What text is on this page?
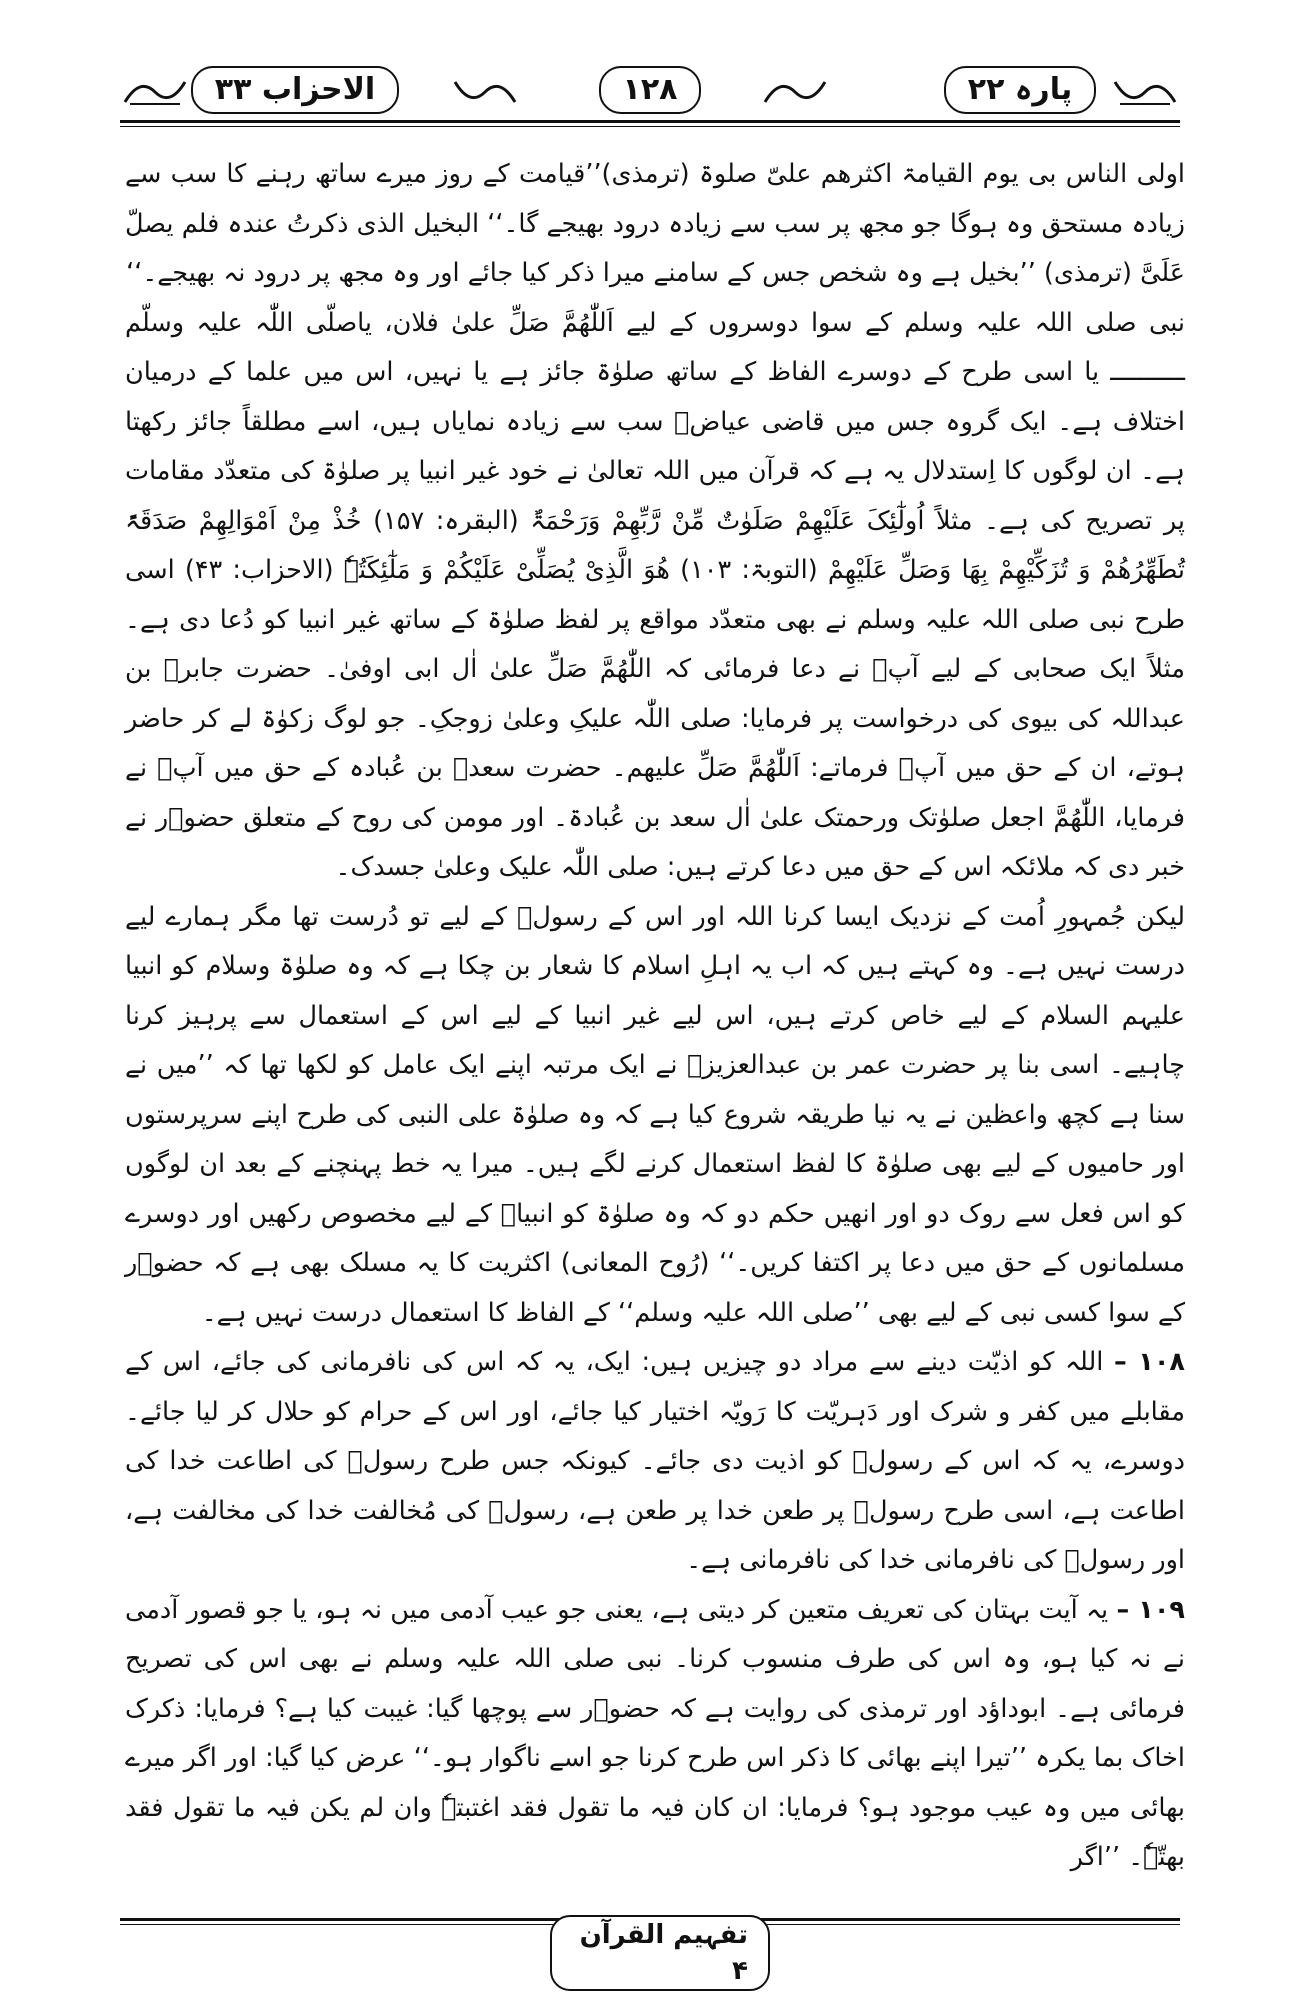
پارہ ۲۲
۱۲۸
الاحزاب ۳۳

اولی الناس بی یوم القیامۃ اکثرھم علیّ صلوۃ (ترمذی)’’قیامت کے روز میرے ساتھ رہنے کا سب سے زیادہ مستحق وہ ہوگا جو مجھ پر سب سے زیادہ درود بھیجے گا۔‘‘ البخیل الذی ذکرتُ عندہ فلم یصلّ عَلَیَّ (ترمذی) ’’بخیل ہے وہ شخص جس کے سامنے میرا ذکر کیا جائے اور وہ مجھ پر درود نہ بھیجے۔‘‘

نبی صلی اللہ علیہ وسلم کے سوا دوسروں کے لیے اَللّٰھُمَّ صَلِّ علیٰ فلان، یاصلّی اللّٰہ علیہ وسلّم ــــــــــ یا اسی طرح کے دوسرے الفاظ کے ساتھ صلوٰۃ جائز ہے یا نہیں، اس میں علما کے درمیان اختلاف ہے۔ ایک گروہ جس میں قاضی عیاضؒ سب سے زیادہ نمایاں ہیں، اسے مطلقاً جائز رکھتا ہے۔ ان لوگوں کا اِستدلال یہ ہے کہ قرآن میں اللہ تعالیٰ نے خود غیر انبیا پر صلوٰۃ کی متعدّد مقامات پر تصریح کی ہے۔ مثلاً اُولٰٓئِکَ عَلَیْھِمْ صَلَوٰتٌ مِّنْ رَّبِّھِمْ وَرَحْمَۃٌ (البقرہ: ۱۵۷) خُذْ مِنْ اَمْوَالِھِمْ صَدَقَۃً تُطَھِّرُھُمْ وَ تُزَکِّیْھِمْ بِھَا وَصَلِّ عَلَیْھِمْ (التوبۃ: ۱۰۳) ھُوَ الَّذِیْ یُصَلِّیْ عَلَیْکُمْ وَ مَلٰٓئِکَتُہٗ (الاحزاب: ۴۳) اسی طرح نبی صلی اللہ علیہ وسلم نے بھی متعدّد مواقع پر لفظ صلوٰۃ کے ساتھ غیر انبیا کو دُعا دی ہے۔ مثلاً ایک صحابی کے لیے آپؐ نے دعا فرمائی کہ اللّٰھُمَّ صَلِّ علیٰ اٰل ابی اوفیٰ۔ حضرت جابرؓ بن عبداللہ کی بیوی کی درخواست پر فرمایا: صلی اللّٰہ علیکِ وعلیٰ زوجکِ۔ جو لوگ زکوٰۃ لے کر حاضر ہوتے، ان کے حق میں آپؐ فرماتے: اَللّٰھُمَّ صَلِّ علیھم۔ حضرت سعدؓ بن عُبادہ کے حق میں آپؐ نے فرمایا، اللّٰھُمَّ اجعل صلوٰتک ورحمتک علیٰ اٰل سعد بن عُبادۃ۔ اور مومن کی روح کے متعلق حضوؐر نے خبر دی کہ ملائکہ اس کے حق میں دعا کرتے ہیں: صلی اللّٰہ علیک وعلیٰ جسدک۔

لیکن جُمہورِ اُمت کے نزدیک ایسا کرنا اللہ اور اس کے رسولؐ کے لیے تو دُرست تھا مگر ہمارے لیے درست نہیں ہے۔ وہ کہتے ہیں کہ اب یہ اہلِ اسلام کا شعار بن چکا ہے کہ وہ صلوٰۃ وسلام کو انبیا علیہم السلام کے لیے خاص کرتے ہیں، اس لیے غیر انبیا کے لیے اس کے استعمال سے پرہیز کرنا چاہیے۔ اسی بنا پر حضرت عمر بن عبدالعزیزؒ نے ایک مرتبہ اپنے ایک عامل کو لکھا تھا کہ ’’میں نے سنا ہے کچھ واعظین نے یہ نیا طریقہ شروع کیا ہے کہ وہ صلوٰۃ علی النبی کی طرح اپنے سرپرستوں اور حامیوں کے لیے بھی صلوٰۃ کا لفظ استعمال کرنے لگے ہیں۔ میرا یہ خط پہنچنے کے بعد ان لوگوں کو اس فعل سے روک دو اور انھیں حکم دو کہ وہ صلوٰۃ کو انبیاؑ کے لیے مخصوص رکھیں اور دوسرے مسلمانوں کے حق میں دعا پر اکتفا کریں۔‘‘ (رُوح المعانی) اکثریت کا یہ مسلک بھی ہے کہ حضوؐر کے سوا کسی نبی کے لیے بھی ’’صلی اللہ علیہ وسلم‘‘ کے الفاظ کا استعمال درست نہیں ہے۔

۱۰۸ – اللہ کو اذیّت دینے سے مراد دو چیزیں ہیں: ایک، یہ کہ اس کی نافرمانی کی جائے، اس کے مقابلے میں کفر و شرک اور دَہریّت کا رَویّہ اختیار کیا جائے، اور اس کے حرام کو حلال کر لیا جائے۔ دوسرے، یہ کہ اس کے رسولؐ کو اذیت دی جائے۔ کیونکہ جس طرح رسولؐ کی اطاعت خدا کی اطاعت ہے، اسی طرح رسولؐ پر طعن خدا پر طعن ہے، رسولؐ کی مُخالفت خدا کی مخالفت ہے، اور رسولؐ کی نافرمانی خدا کی نافرمانی ہے۔

۱۰۹ – یہ آیت بہتان کی تعریف متعین کر دیتی ہے، یعنی جو عیب آدمی میں نہ ہو، یا جو قصور آدمی نے نہ کیا ہو، وہ اس کی طرف منسوب کرنا۔ نبی صلی اللہ علیہ وسلم نے بھی اس کی تصریح فرمائی ہے۔ ابوداؤد اور ترمذی کی روایت ہے کہ حضوؐر سے پوچھا گیا: غیبت کیا ہے؟ فرمایا: ذکرک اخاک بما یکرہ ’’تیرا اپنے بھائی کا ذکر اس طرح کرنا جو اسے ناگوار ہو۔‘‘ عرض کیا گیا: اور اگر میرے بھائی میں وہ عیب موجود ہو؟ فرمایا: ان کان فیہ ما تقول فقد اغتبتہٗ وان لم یکن فیہ ما تقول فقد بھتّہٗ۔ ’’اگر

تفہیم القرآن ۴
